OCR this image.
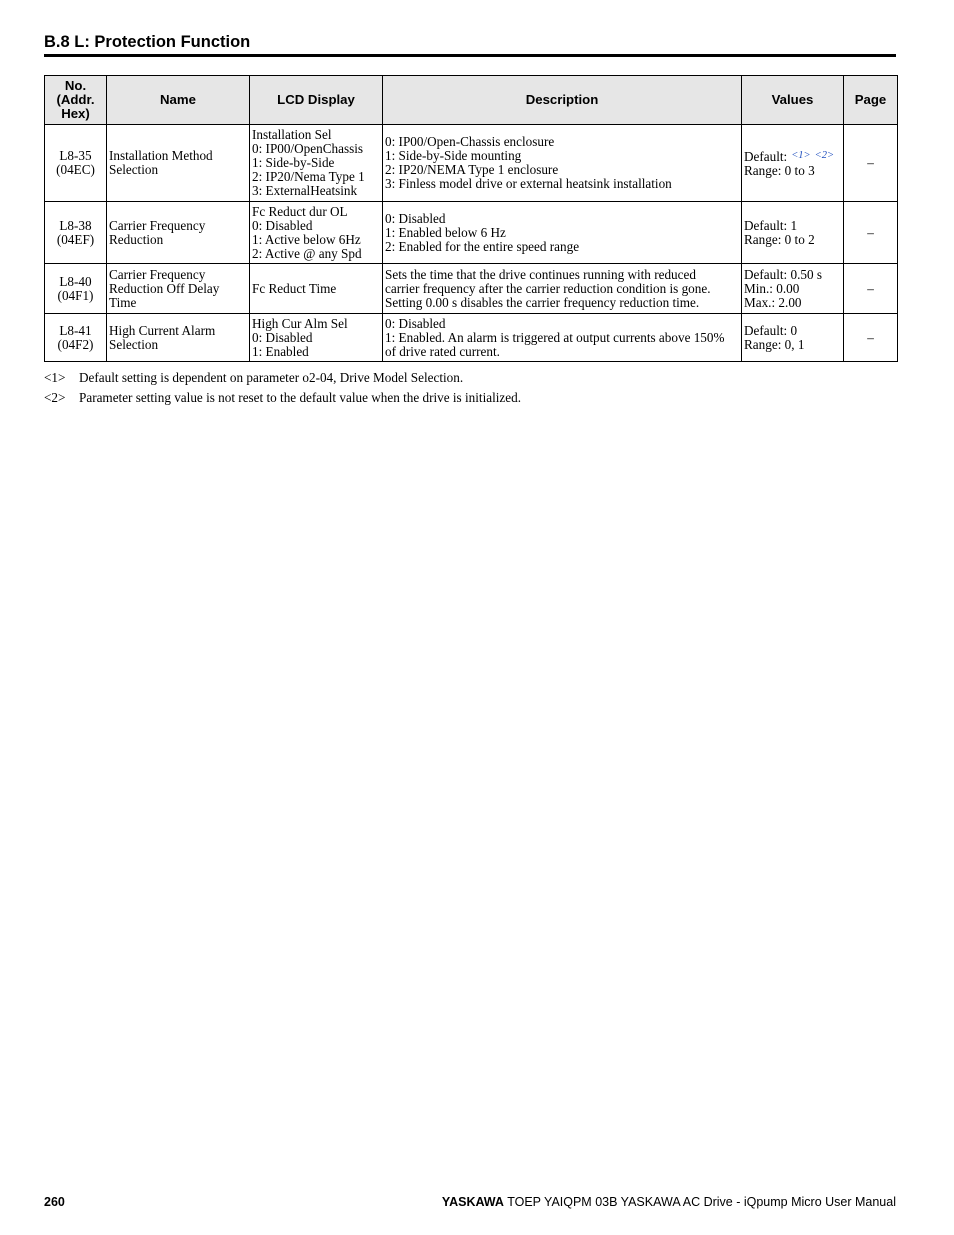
B.8 L: Protection Function
No.
(Addr.
Hex)	Name	LCD Display	Description	Values	Page

L8-35
(04EC)	Installation Method
Selection	Installation Sel
0: IP00/OpenChassis
1: Side-by-Side
2: IP20/Nema Type 1
3: ExternalHeatsink	0: IP00/Open-Chassis enclosure
1: Side-by-Side mounting
2: IP20/NEMA Type 1 enclosure
3: Finless model drive or external heatsink installation	Default: $^{<1>}$ $^{<2>}$
Range: 0 to 3	–

L8-38
(04EF)	Carrier Frequency
Reduction	Fc Reduct dur OL
0: Disabled
1: Active below 6Hz
2: Active @ any Spd	0: Disabled
1: Enabled below 6 Hz
2: Enabled for the entire speed range	Default: 1
Range: 0 to 2	–

L8-40
(04F1)	Carrier Frequency
Reduction Off Delay
Time	Fc Reduct Time	Sets the time that the drive continues running with reduced
carrier frequency after the carrier reduction condition is gone.
Setting 0.00 s disables the carrier frequency reduction time.	Default: 0.50 s
Min.: 0.00
Max.: 2.00	–

L8-41
(04F2)	High Current Alarm
Selection	High Cur Alm Sel
0: Disabled
1: Enabled	0: Disabled
1: Enabled. An alarm is triggered at output currents above 150%
of drive rated current.	Default: 0
Range: 0, 1	–
<1>	Default setting is dependent on parameter o2-04, Drive Model Selection.
<2>	Parameter setting value is not reset to the default value when the drive is initialized.
260	YASKAWA TOEP YAIQPM 03B YASKAWA AC Drive - iQpump Micro User Manual
